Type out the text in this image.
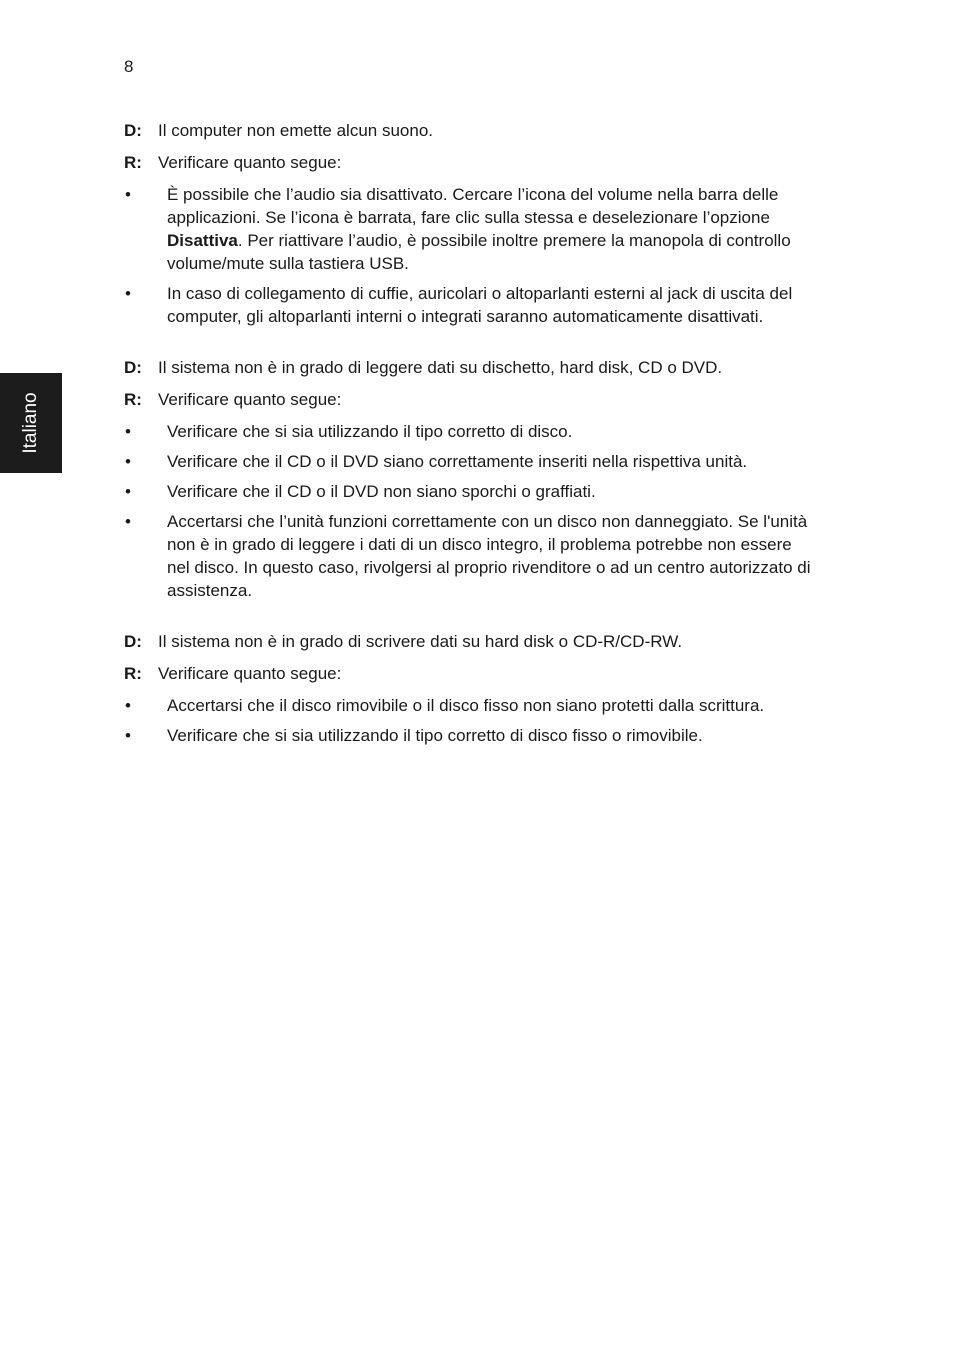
8
Italiano
D: Il computer non emette alcun suono.
R: Verificare quanto segue:
•	È possibile che l’audio sia disattivato. Cercare l’icona del volume nella barra delle applicazioni. Se l’icona è barrata, fare clic sulla stessa e deselezionare l’opzione Disattiva. Per riattivare l’audio, è possibile inoltre premere la manopola di controllo volume/mute sulla tastiera USB.
•	In caso di collegamento di cuffie, auricolari o altoparlanti esterni al jack di uscita del computer, gli altoparlanti interni o integrati saranno automaticamente disattivati.
D: Il sistema non è in grado di leggere dati su dischetto, hard disk, CD o DVD.
R: Verificare quanto segue:
•	Verificare che si sia utilizzando il tipo corretto di disco.
•	Verificare che il CD o il DVD siano correttamente inseriti nella rispettiva unità.
•	Verificare che il CD o il DVD non siano sporchi o graffiati.
•	Accertarsi che l’unità funzioni correttamente con un disco non danneggiato. Se l'unità non è in grado di leggere i dati di un disco integro, il problema potrebbe non essere nel disco. In questo caso, rivolgersi al proprio rivenditore o ad un centro autorizzato di assistenza.
D: Il sistema non è in grado di scrivere dati su hard disk o CD-R/CD-RW.
R: Verificare quanto segue:
•	Accertarsi che il disco rimovibile o il disco fisso non siano protetti dalla scrittura.
•	Verificare che si sia utilizzando il tipo corretto di disco fisso o rimovibile.
